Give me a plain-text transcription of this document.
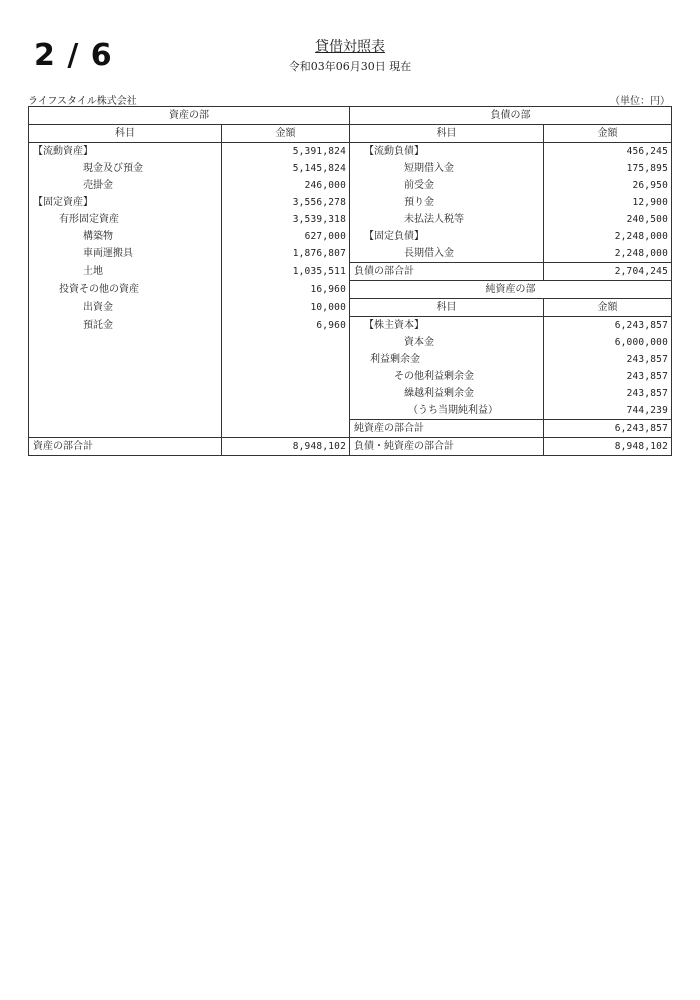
2 / 6	貸借対照表
令和03年06月30日 現在
ライフスタイル株式会社	（単位：円）
資産の部		負債の部	
科目	金額	科目	金額
【流動資産】	5,391,824	【流動負債】	456,245
現金及び預金	5,145,824	短期借入金	175,895
売掛金	246,000	前受金	26,950
【固定資産】	3,556,278	預り金	12,900
有形固定資産	3,539,318	未払法人税等	240,500
構築物	627,000	【固定負債】	2,248,000
車両運搬具	1,876,807	長期借入金	2,248,000
土地	1,035,511	負債の部合計	2,704,245
投資その他の資産	16,960	純資産の部	
出資金	10,000	科目	金額
預託金	6,960	【株主資本】	6,243,857
		資本金	6,000,000
		利益剰余金	243,857
		その他利益剰余金	243,857
		繰越利益剰余金	243,857
		（うち当期純利益）	744,239
		純資産の部合計	6,243,857
資産の部合計	8,948,102	負債・純資産の部合計	8,948,102
